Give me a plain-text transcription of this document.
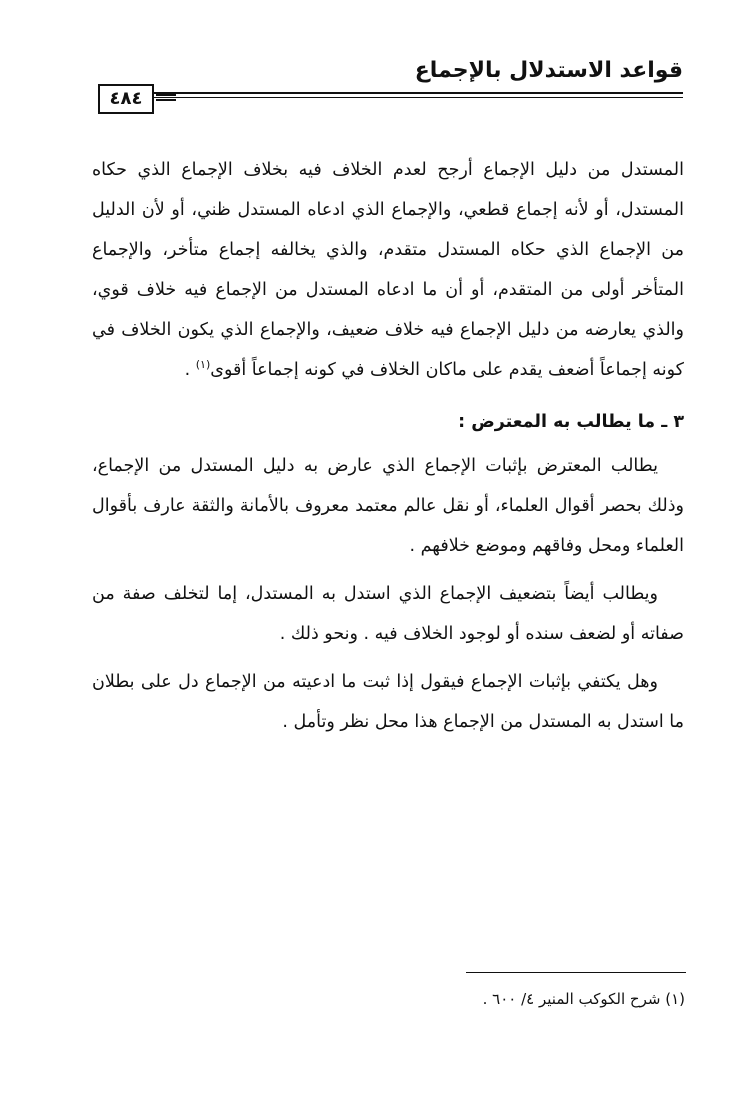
قواعد الاستدلال بالإجماع
٤٨٤

المستدل من دليل الإجماع أرجح لعدم الخلاف فيه بخلاف الإجماع الذي حكاه المستدل، أو لأنه إجماع قطعي، والإجماع الذي ادعاه المستدل ظني، أو لأن الدليل من الإجماع الذي حكاه المستدل متقدم، والذي يخالفه إجماع متأخر، والإجماع المتأخر أولى من المتقدم، أو أن ما ادعاه المستدل من الإجماع فيه خلاف قوي، والذي يعارضه من دليل الإجماع فيه خلاف ضعيف، والإجماع الذي يكون الخلاف في كونه إجماعاً أضعف يقدم على ماكان الخلاف في كونه إجماعاً أقوى$^{(١)}$ .

٣ ـ ما يطالب به المعترض :

يطالب المعترض بإثبات الإجماع الذي عارض به دليل المستدل من الإجماع، وذلك بحصر أقوال العلماء، أو نقل عالم معتمد معروف بالأمانة والثقة عارف بأقوال العلماء ومحل وفاقهم وموضع خلافهم .

ويطالب أيضاً بتضعيف الإجماع الذي استدل به المستدل، إما لتخلف صفة من صفاته أو لضعف سنده أو لوجود الخلاف فيه . ونحو ذلك .

وهل يكتفي بإثبات الإجماع فيقول إذا ثبت ما ادعيته من الإجماع دل على بطلان ما استدل به المستدل من الإجماع هذا محل نظر وتأمل .

(١) شرح الكوكب المنير ٤/ ٦٠٠ .
